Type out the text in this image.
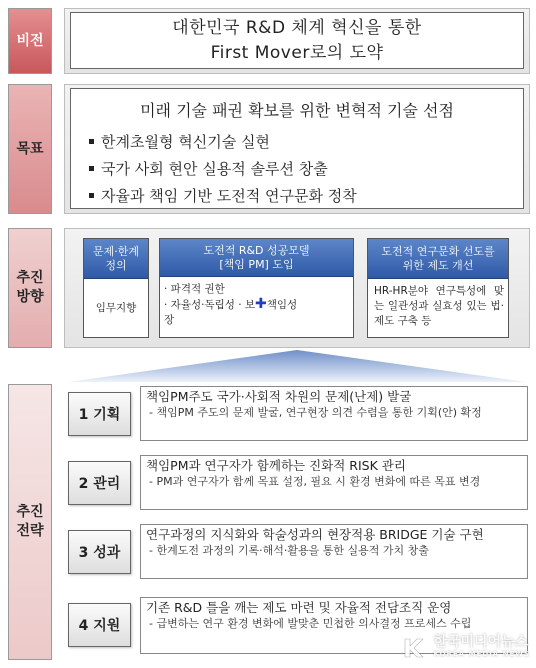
비전
목표
추진
방향
추진
전략
대한민국 R&D 체계 혁신을 통한
First Mover로의 도약
미래 기술 패권 확보를 위한 변혁적 기술 선점
한계초월형 혁신기술 실현
국가 사회 현안 실용적 솔루션 창출
자율과 책임 기반 도전적 연구문화 정착
문제·한계
정의
임무지향
도전적 R&D 성공모델
[책임 PM] 도입
· 파격적 권한
· 자율성·독립성 · 보✚책임성
장
도전적 연구문화 선도를
위한 제도 개선
HR-HR분야 연구특성에 맞는 일관성과 실효성 있는 법·제도 구축 등
1 기획
책임PM주도 국가·사회적 차원의 문제(난제) 발굴
- 책임PM 주도의 문제 발굴, 연구현장 의견 수렴을 통한 기획(안) 확정
2 관리
책임PM과 연구자가 함께하는 진화적 RISK 관리
- PM과 연구자가 함께 목표 설정, 필요 시 환경 변화에 따른 목표 변경
3 성과
연구과정의 지식화와 학술성과의 현장적용 BRIDGE 기술 구현
- 한계도전 과정의 기록·해석·활용을 통한 실용적 가치 창출
4 지원
기존 R&D 틀을 깨는 제도 마련 및 자율적 전담조직 운영
- 급변하는 연구 환경 변화에 발맞춘 민첩한 의사결정 프로세스 수립
한국미디어뉴스
KOREA MEDIA NEWS
